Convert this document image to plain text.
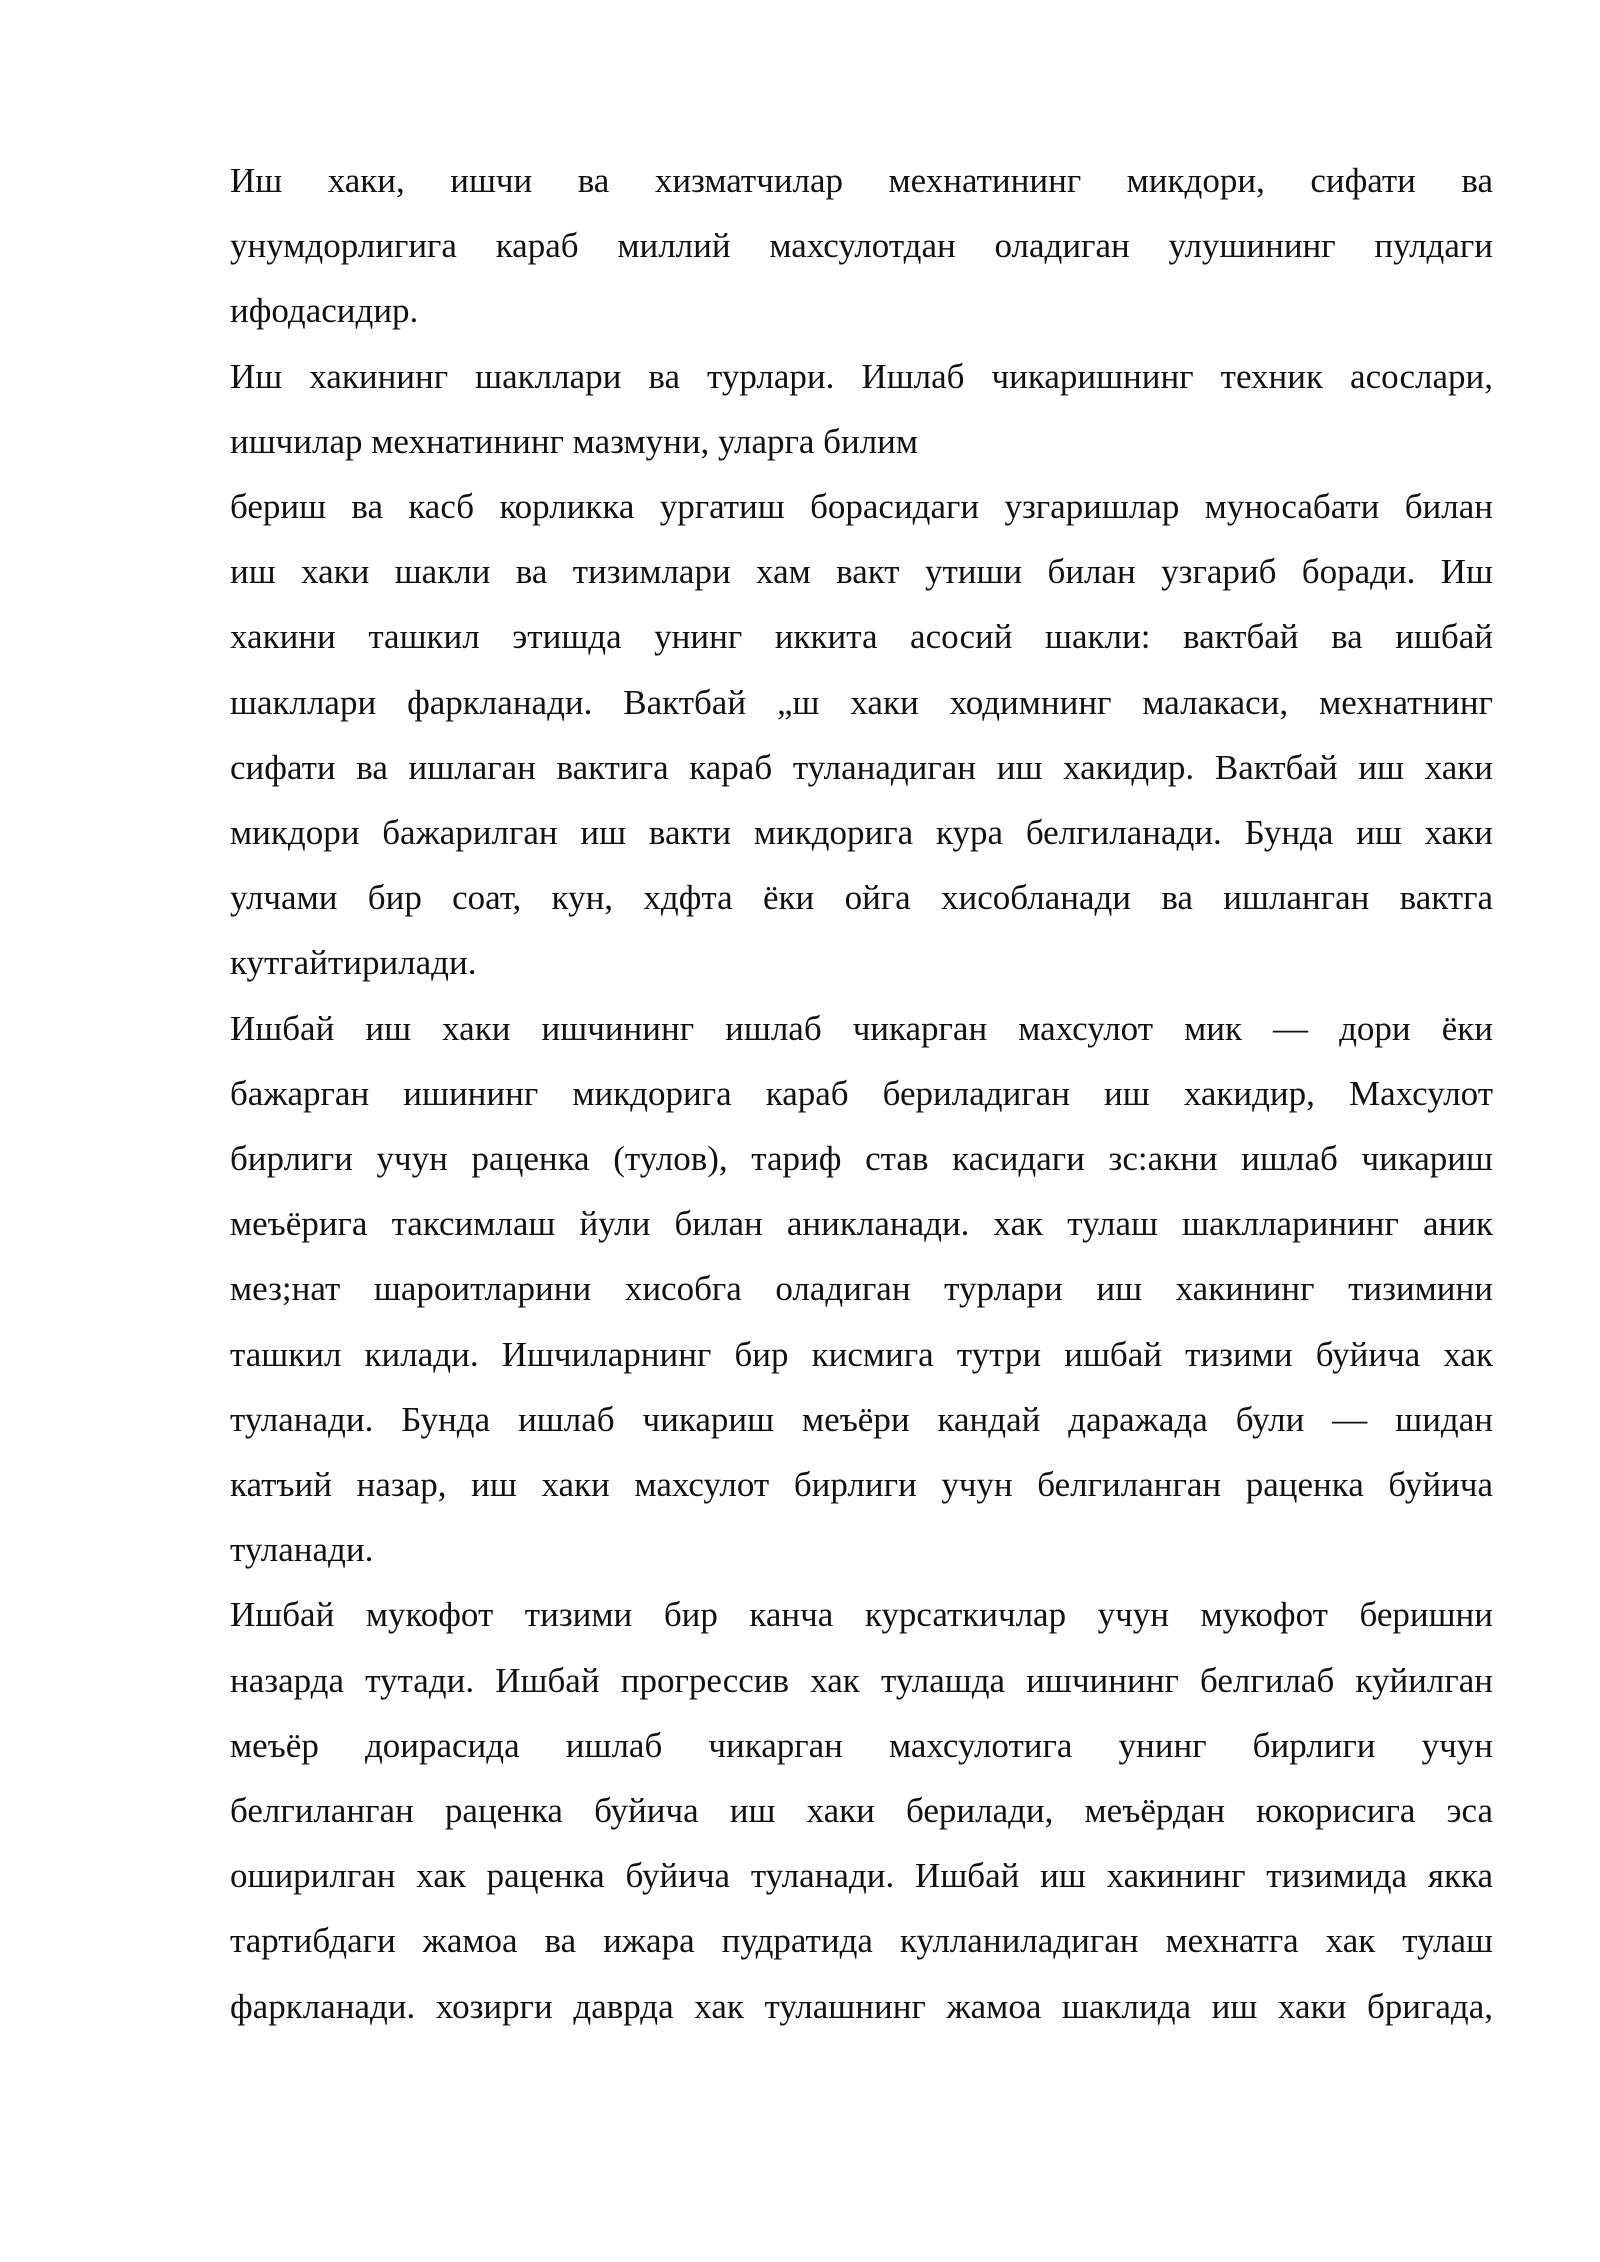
Иш хаки, ишчи ва хизматчилар мехнатининг микдори, сифати ва
унумдорлигига караб миллий махсулотдан оладиган улушининг пулдаги
ифодасидир.

Иш хакининг шакллари ва турлари. Ишлаб чикаришнинг техник асослари,
ишчилар мехнатининг мазмуни, уларга билим

бериш ва касб корликка ургатиш борасидаги узгаришлар муносабати билан
иш хаки шакли ва тизимлари хам вакт утиши билан узгариб боради. Иш
хакини ташкил этишда унинг иккита асосий шакли: вактбай ва ишбай
шакллари фаркланади. Вактбай „ш хаки ходимнинг малакаси, мехнатнинг
сифати ва ишлаган вактига караб туланадиган иш хакидир. Вактбай иш хаки
микдори бажарилган иш вакти микдорига кура белгиланади. Бунда иш хаки
улчами бир соат, кун, хдфта ёки ойга хисобланади ва ишланган вактга
кутгайтирилади.

Ишбай иш хаки ишчининг ишлаб чикарган махсулот мик — дори ёки
бажарган ишининг микдорига караб бериладиган иш хакидир, Махсулот
бирлиги учун раценка (тулов), тариф став касидаги зс:акни ишлаб чикариш
меъёрига таксимлаш йули билан аникланади. хак тулаш шаклларининг аник
мез;нат шароитларини хисобга оладиган турлари иш хакининг тизимини
ташкил килади. Ишчиларнинг бир кисмига тутри ишбай тизими буйича хак
туланади. Бунда ишлаб чикариш меъёри кандай даражада були — шидан
катъий назар, иш хаки махсулот бирлиги учун белгиланган раценка буйича
туланади.

Ишбай мукофот тизими бир канча курсаткичлар учун мукофот беришни
назарда тутади. Ишбай прогрессив хак тулашда ишчининг белгилаб куйилган
меъёр доирасида ишлаб чикарган махсулотига унинг бирлиги учун
белгиланган раценка буйича иш хаки берилади, меъёрдан юкорисига эса
оширилган хак раценка буйича туланади. Ишбай иш хакининг тизимида якка
тартибдаги жамоа ва ижара пудратида кулланиладиган мехнатга хак тулаш
фаркланади. хозирги даврда хак тулашнинг жамоа шаклида иш хаки бригада,
